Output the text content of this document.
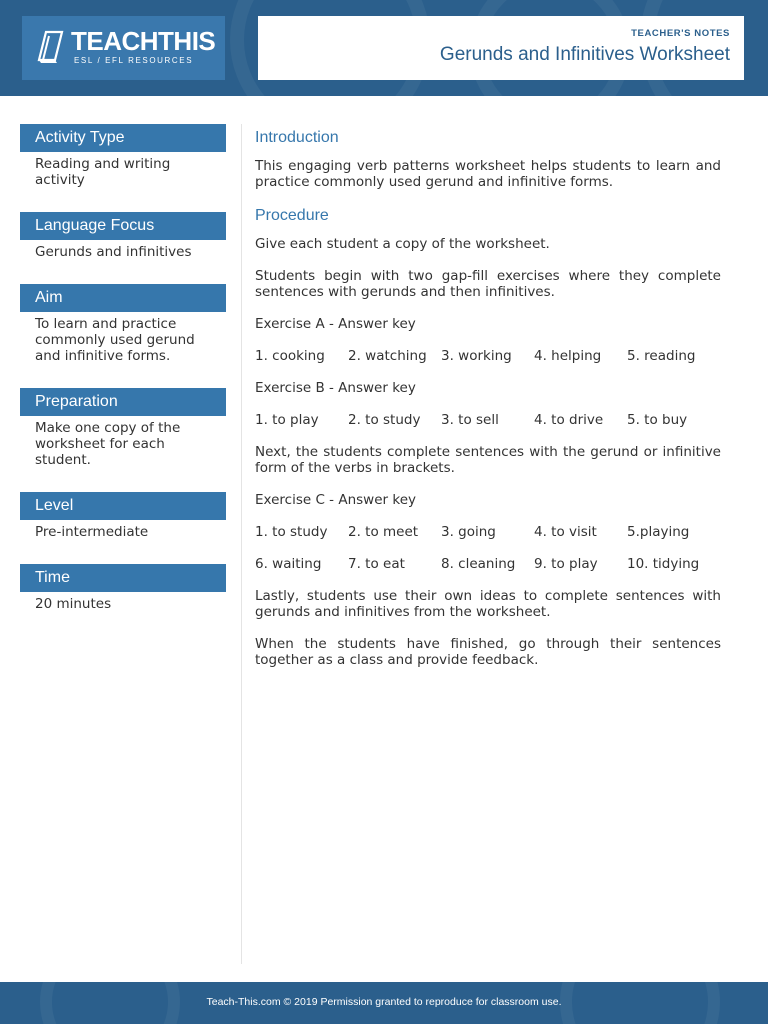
TEACHTHIS
ESL / EFL RESOURCES
TEACHER'S NOTES
Gerunds and Infinitives Worksheet
Activity Type
Reading and writing activity
Language Focus
Gerunds and infinitives
Aim
To learn and practice commonly used gerund and infinitive forms.
Preparation
Make one copy of the worksheet for each student.
Level
Pre-intermediate
Time
20 minutes
Introduction
This engaging verb patterns worksheet helps students to learn and practice commonly used gerund and infinitive forms.
Procedure
Give each student a copy of the worksheet.
Students begin with two gap-fill exercises where they complete sentences with gerunds and then infinitives.
Exercise A - Answer key
1. cooking	2. watching	3. working	4. helping	5. reading
Exercise B - Answer key
1. to play	2. to study	3. to sell	4. to drive	5. to buy
Next, the students complete sentences with the gerund or infinitive form of the verbs in brackets.
Exercise C - Answer key
1. to study	2. to meet	3. going	4. to visit	5.playing
6. waiting	7. to eat	8. cleaning	9. to play	10. tidying
Lastly, students use their own ideas to complete sentences with gerunds and infinitives from the worksheet.
When the students have finished, go through their sentences together as a class and provide feedback.
Teach-This.com © 2019 Permission granted to reproduce for classroom use.
